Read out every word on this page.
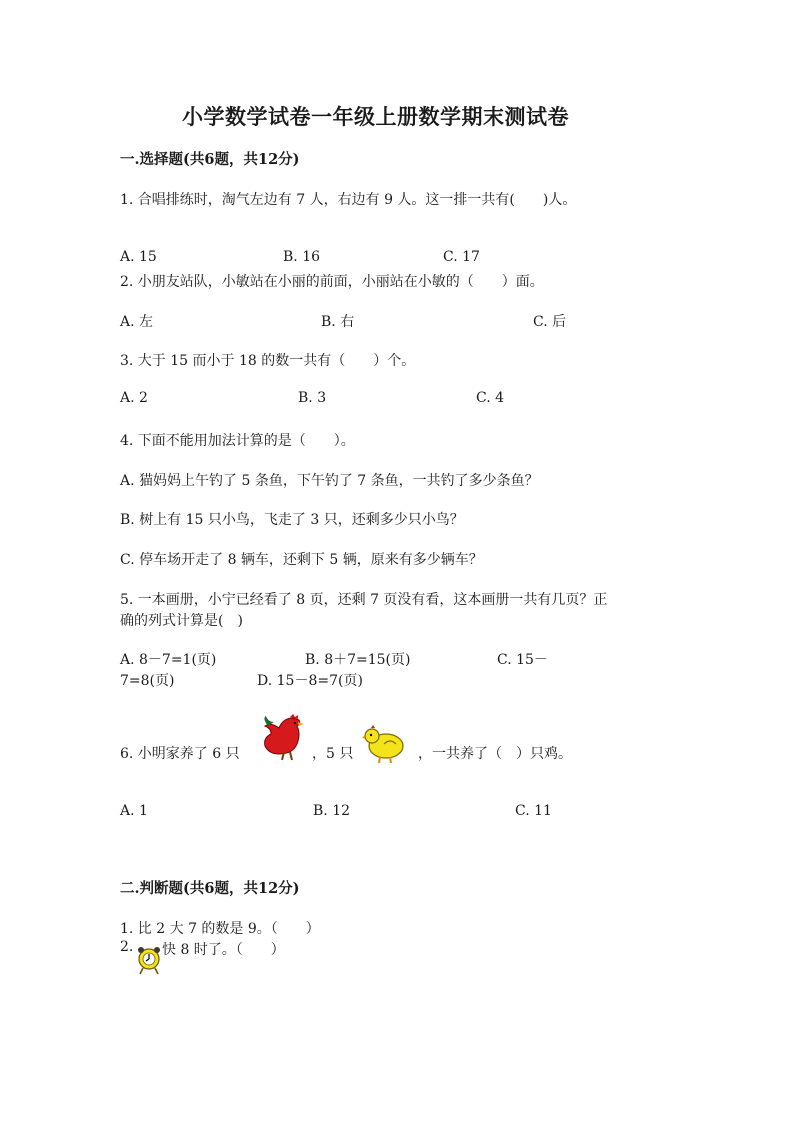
小学数学试卷一年级上册数学期末测试卷
一.选择题(共6题，共12分)
1. 合唱排练时，淘气左边有 7 人，右边有 9 人。这一排一共有(　　)人。
A. 15	B. 16	C. 17
2. 小朋友站队，小敏站在小丽的前面，小丽站在小敏的（　　）面。
A. 左	B. 右	C. 后
3. 大于 15 而小于 18 的数一共有（　　）个。
A. 2	B. 3	C. 4
4. 下面不能用加法计算的是（　　）。
A. 猫妈妈上午钓了 5 条鱼，下午钓了 7 条鱼，一共钓了多少条鱼？
B. 树上有 15 只小鸟，飞走了 3 只，还剩多少只小鸟？
C. 停车场开走了 8 辆车，还剩下 5 辆，原来有多少辆车？
5. 一本画册，小宁已经看了 8 页，还剩 7 页没有看，这本画册一共有几页？正
确的列式计算是(　)
A. 8－7=1(页)	B. 8＋7=15(页)	C. 15－
7=8(页)	D. 15－8=7(页)
6. 小明家养了 6 只	，5 只	，一共养了（　）只鸡。
A. 1	B. 12	C. 11
二.判断题(共6题，共12分)
1. 比 2 大 7 的数是 9。（　　）
2. 快 8 时了。（　　）
